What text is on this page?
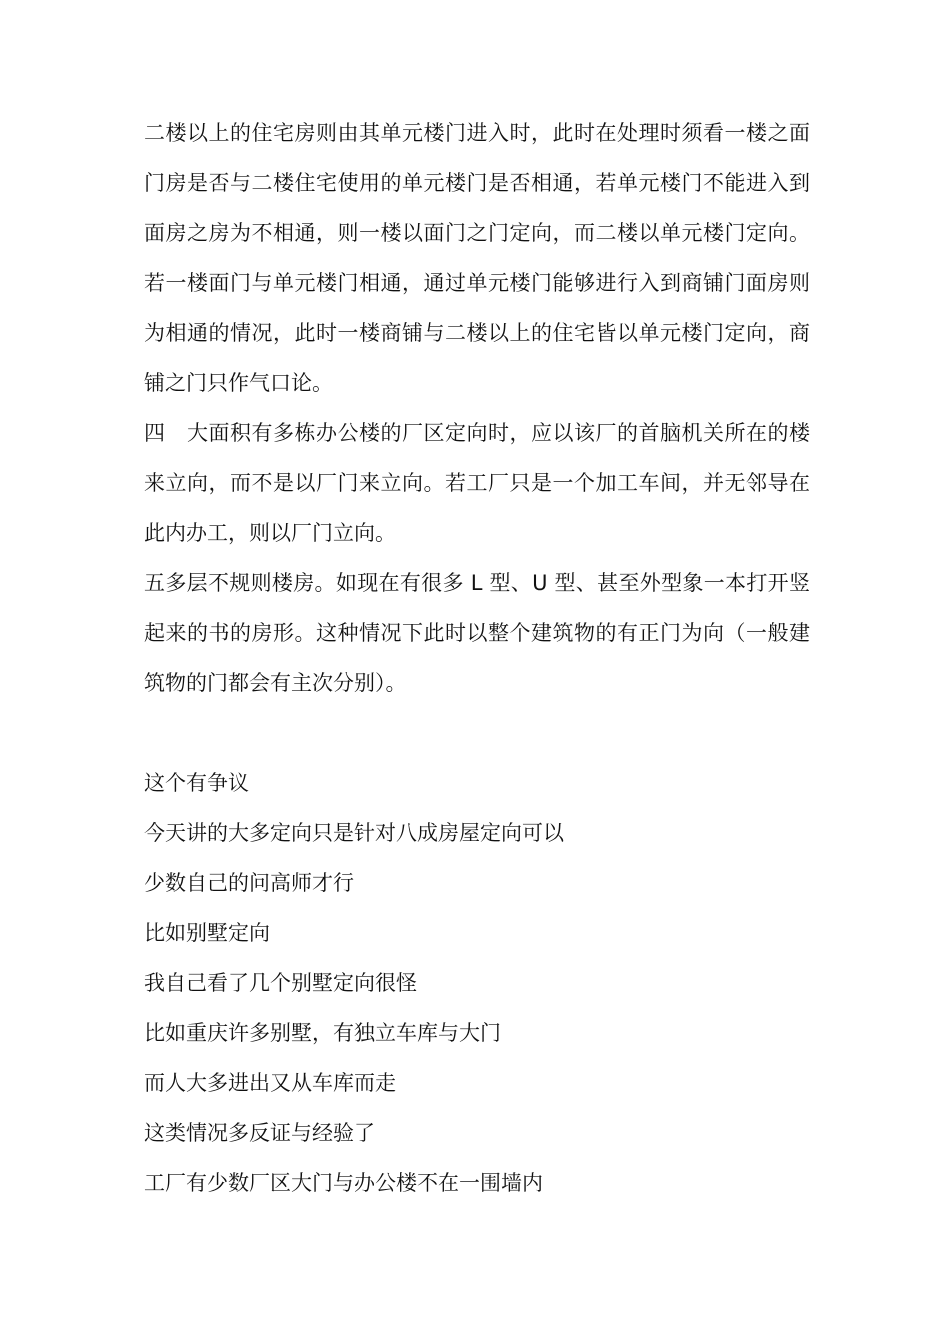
二楼以上的住宅房则由其单元楼门进入时，此时在处理时须看一楼之面门房是否与二楼住宅使用的单元楼门是否相通，若单元楼门不能进入到面房之房为不相通，则一楼以面门之门定向，而二楼以单元楼门定向。若一楼面门与单元楼门相通，通过单元楼门能够进行入到商铺门面房则为相通的情况，此时一楼商铺与二楼以上的住宅皆以单元楼门定向，商铺之门只作气口论。

四　大面积有多栋办公楼的厂区定向时，应以该厂的首脑机关所在的楼来立向，而不是以厂门来立向。若工厂只是一个加工车间，并无邻导在此内办工，则以厂门立向。

五多层不规则楼房。如现在有很多 L 型、U 型、甚至外型象一本打开竖起来的书的房形。这种情况下此时以整个建筑物的有正门为向（一般建筑物的门都会有主次分别）。

这个有争议

今天讲的大多定向只是针对八成房屋定向可以

少数自己的问高师才行

比如别墅定向

我自己看了几个别墅定向很怪

比如重庆许多别墅，有独立车库与大门

而人大多进出又从车库而走

这类情况多反证与经验了

工厂有少数厂区大门与办公楼不在一围墙内
